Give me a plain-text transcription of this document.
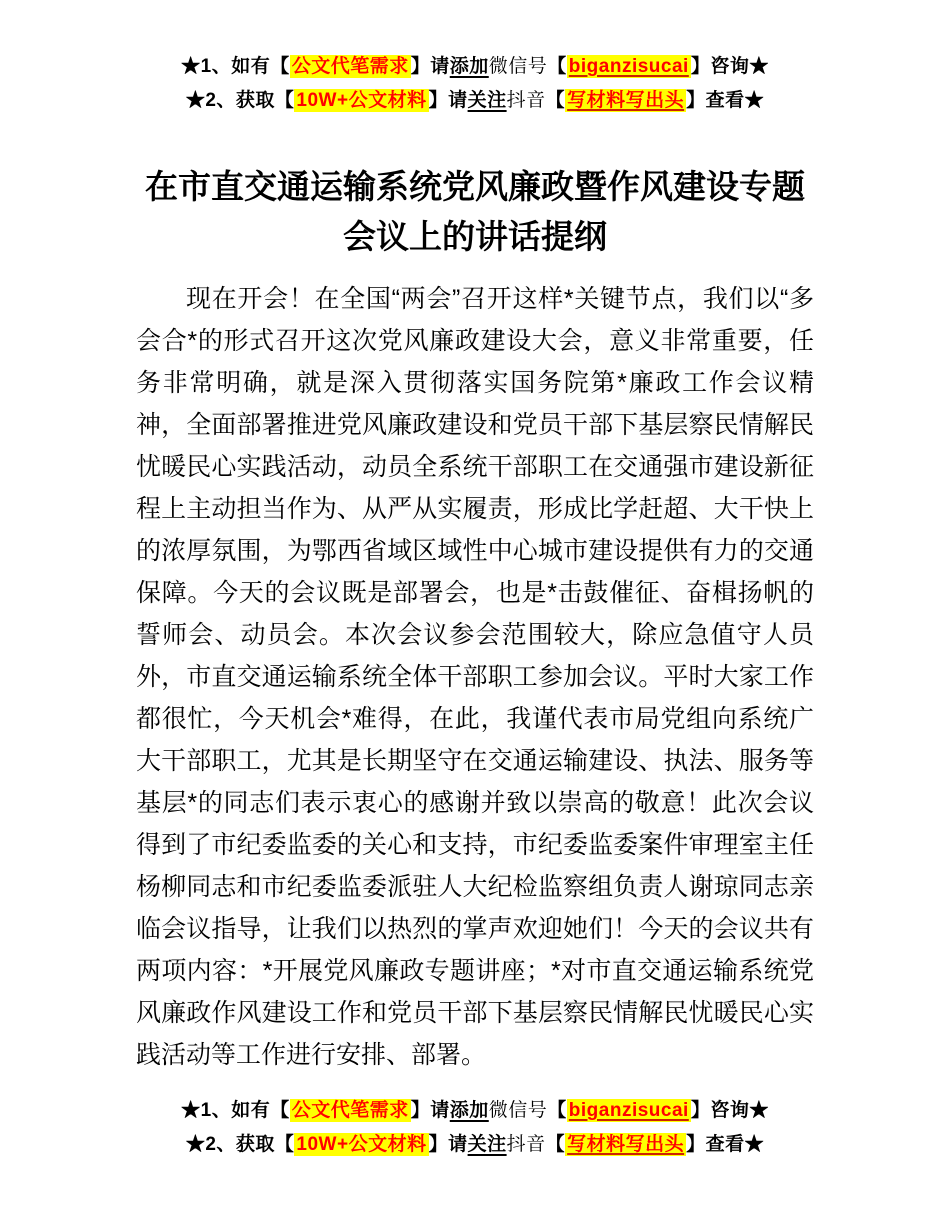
★1、如有【 公文代笔需求 】请添加微信号【 biganzisucai 】咨询★
★2、获取【 10W+公文材料 】请关注抖音【 写材料写出头 】查看★
在市直交通运输系统党风廉政暨作风建设专题
会议上的讲话提纲

现在开会！在全国“两会”召开这样*关键节点，我们以“多会合*的形式召开这次党风廉政建设大会，意义非常重要，任务非常明确，就是深入贯彻落实国务院第*廉政工作会议精神，全面部署推进党风廉政建设和党员干部下基层察民情解民忧暖民心实践活动，动员全系统干部职工在交通强市建设新征程上主动担当作为、从严从实履责，形成比学赶超、大干快上的浓厚氛围，为鄂西省域区域性中心城市建设提供有力的交通保障。今天的会议既是部署会，也是*击鼓催征、奋楫扬帆的誓师会、动员会。本次会议参会范围较大，除应急值守人员外，市直交通运输系统全体干部职工参加会议。平时大家工作都很忙，今天机会*难得，在此，我谨代表市局党组向系统广大干部职工，尤其是长期坚守在交通运输建设、执法、服务等基层*的同志们表示衷心的感谢并致以崇高的敬意！此次会议得到了市纪委监委的关心和支持，市纪委监委案件审理室主任杨柳同志和市纪委监委派驻人大纪检监察组负责人谢琼同志亲临会议指导，让我们以热烈的掌声欢迎她们！今天的会议共有两项内容：*开展党风廉政专题讲座；*对市直交通运输系统党风廉政作风建设工作和党员干部下基层察民情解民忧暖民心实践活动等工作进行安排、部署。

★1、如有【 公文代笔需求 】请添加微信号【 biganzisucai 】咨询★
★2、获取【 10W+公文材料 】请关注抖音【 写材料写出头 】查看★
